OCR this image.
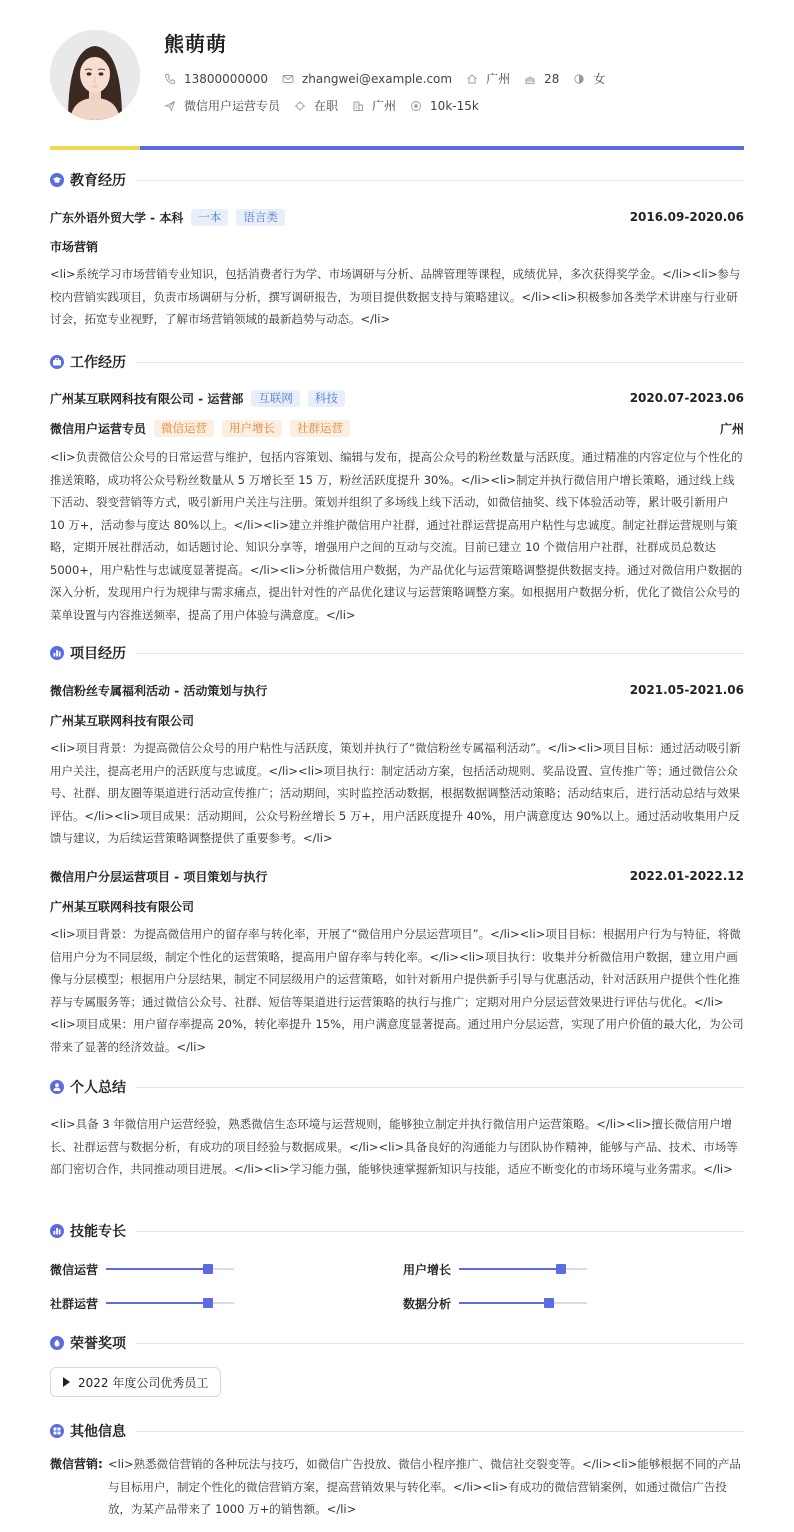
熊萌萌
13800000000	zhangwei@example.com	广州	28	女
微信用户运营专员	在职	广州	10k-15k
教育经历
广东外语外贸大学 - 本科	一本	语言类	2016.09-2020.06
市场营销
<li>系统学习市场营销专业知识，包括消费者行为学、市场调研与分析、品牌管理等课程，成绩优异，多次获得奖学金。</li><li>参与校内营销实践项目，负责市场调研与分析，撰写调研报告，为项目提供数据支持与策略建议。</li><li>积极参加各类学术讲座与行业研讨会，拓宽专业视野，了解市场营销领域的最新趋势与动态。</li>
工作经历
广州某互联网科技有限公司 - 运营部	互联网	科技	2020.07-2023.06
微信用户运营专员	微信运营	用户增长	社群运营	广州
<li>负责微信公众号的日常运营与维护，包括内容策划、编辑与发布，提高公众号的粉丝数量与活跃度。通过精准的内容定位与个性化的推送策略，成功将公众号粉丝数量从 5 万增长至 15 万，粉丝活跃度提升 30%。</li><li>制定并执行微信用户增长策略，通过线上线下活动、裂变营销等方式，吸引新用户关注与注册。策划并组织了多场线上线下活动，如微信抽奖、线下体验活动等，累计吸引新用户 10 万+，活动参与度达 80%以上。</li><li>建立并维护微信用户社群，通过社群运营提高用户粘性与忠诚度。制定社群运营规则与策略，定期开展社群活动，如话题讨论、知识分享等，增强用户之间的互动与交流。目前已建立 10 个微信用户社群，社群成员总数达 5000+，用户粘性与忠诚度显著提高。</li><li>分析微信用户数据，为产品优化与运营策略调整提供数据支持。通过对微信用户数据的深入分析，发现用户行为规律与需求痛点，提出针对性的产品优化建议与运营策略调整方案。如根据用户数据分析，优化了微信公众号的菜单设置与内容推送频率，提高了用户体验与满意度。</li>
项目经历
微信粉丝专属福利活动 - 活动策划与执行	2021.05-2021.06
广州某互联网科技有限公司
<li>项目背景：为提高微信公众号的用户粘性与活跃度，策划并执行了“微信粉丝专属福利活动”。</li><li>项目目标：通过活动吸引新用户关注，提高老用户的活跃度与忠诚度。</li><li>项目执行：制定活动方案，包括活动规则、奖品设置、宣传推广等；通过微信公众号、社群、朋友圈等渠道进行活动宣传推广；活动期间，实时监控活动数据，根据数据调整活动策略；活动结束后，进行活动总结与效果评估。</li><li>项目成果：活动期间，公众号粉丝增长 5 万+，用户活跃度提升 40%，用户满意度达 90%以上。通过活动收集用户反馈与建议，为后续运营策略调整提供了重要参考。</li>
微信用户分层运营项目 - 项目策划与执行	2022.01-2022.12
广州某互联网科技有限公司
<li>项目背景：为提高微信用户的留存率与转化率，开展了“微信用户分层运营项目”。</li><li>项目目标：根据用户行为与特征，将微信用户分为不同层级，制定个性化的运营策略，提高用户留存率与转化率。</li><li>项目执行：收集并分析微信用户数据，建立用户画像与分层模型；根据用户分层结果，制定不同层级用户的运营策略，如针对新用户提供新手引导与优惠活动，针对活跃用户提供个性化推荐与专属服务等；通过微信公众号、社群、短信等渠道进行运营策略的执行与推广；定期对用户分层运营效果进行评估与优化。</li><li>项目成果：用户留存率提高 20%，转化率提升 15%，用户满意度显著提高。通过用户分层运营，实现了用户价值的最大化，为公司带来了显著的经济效益。</li>
个人总结
<li>具备 3 年微信用户运营经验，熟悉微信生态环境与运营规则，能够独立制定并执行微信用户运营策略。</li><li>擅长微信用户增长、社群运营与数据分析，有成功的项目经验与数据成果。</li><li>具备良好的沟通能力与团队协作精神，能够与产品、技术、市场等部门密切合作，共同推动项目进展。</li><li>学习能力强，能够快速掌握新知识与技能，适应不断变化的市场环境与业务需求。</li>
技能专长
微信运营	用户增长
社群运营	数据分析
荣誉奖项
2022 年度公司优秀员工
其他信息
微信营销: <li>熟悉微信营销的各种玩法与技巧，如微信广告投放、微信小程序推广、微信社交裂变等。</li><li>能够根据不同的产品与目标用户，制定个性化的微信营销方案，提高营销效果与转化率。</li><li>有成功的微信营销案例，如通过微信广告投放，为某产品带来了 1000 万+的销售额。</li>
